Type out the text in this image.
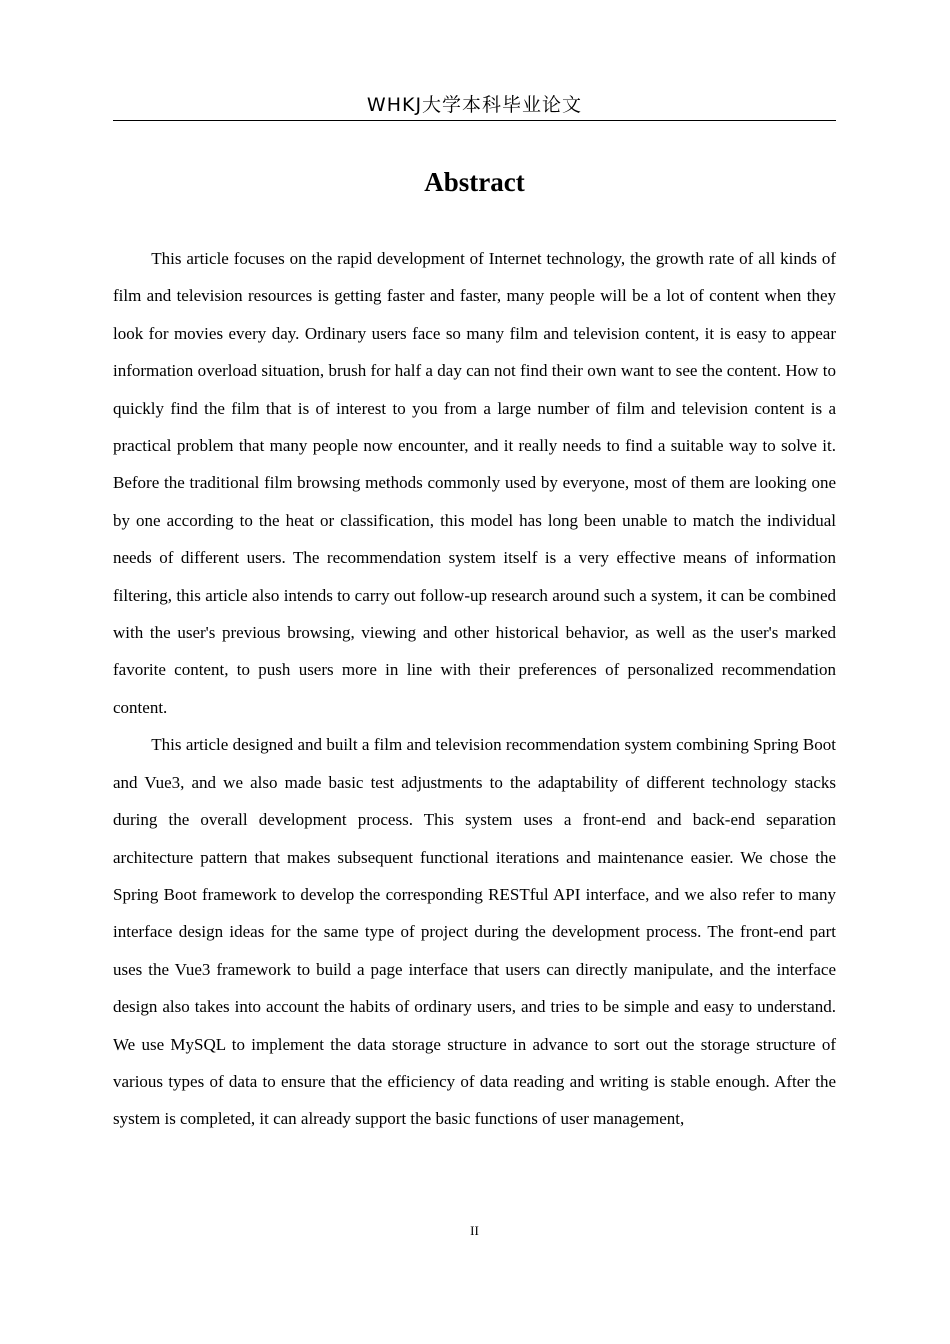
WHKJ大学本科毕业论文
Abstract

This article focuses on the rapid development of Internet technology, the growth rate of all kinds of film and television resources is getting faster and faster, many people will be a lot of content when they look for movies every day. Ordinary users face so many film and television content, it is easy to appear information overload situation, brush for half a day can not find their own want to see the content. How to quickly find the film that is of interest to you from a large number of film and television content is a practical problem that many people now encounter, and it really needs to find a suitable way to solve it. Before the traditional film browsing methods commonly used by everyone, most of them are looking one by one according to the heat or classification, this model has long been unable to match the individual needs of different users. The recommendation system itself is a very effective means of information filtering, this article also intends to carry out follow-up research around such a system, it can be combined with the user's previous browsing, viewing and other historical behavior, as well as the user's marked favorite content, to push users more in line with their preferences of personalized recommendation content.

This article designed and built a film and television recommendation system combining Spring Boot and Vue3, and we also made basic test adjustments to the adaptability of different technology stacks during the overall development process. This system uses a front-end and back-end separation architecture pattern that makes subsequent functional iterations and maintenance easier. We chose the Spring Boot framework to develop the corresponding RESTful API interface, and we also refer to many interface design ideas for the same type of project during the development process. The front-end part uses the Vue3 framework to build a page interface that users can directly manipulate, and the interface design also takes into account the habits of ordinary users, and tries to be simple and easy to understand. We use MySQL to implement the data storage structure in advance to sort out the storage structure of various types of data to ensure that the efficiency of data reading and writing is stable enough. After the system is completed, it can already support the basic functions of user management,

II
